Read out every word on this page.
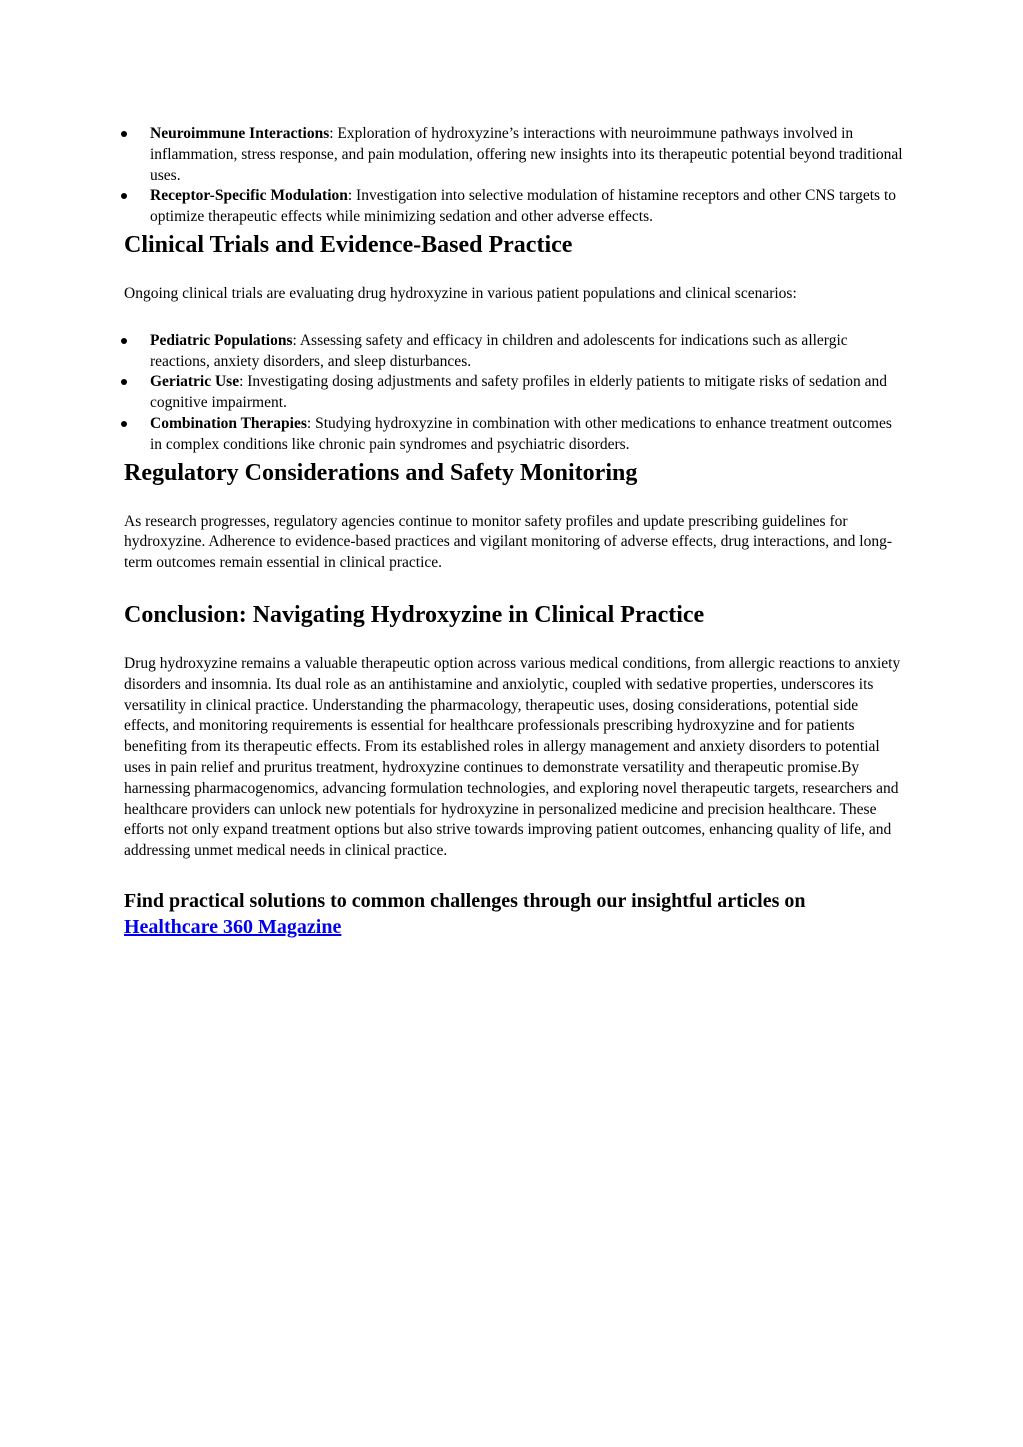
Neuroimmune Interactions: Exploration of hydroxyzine’s interactions with neuroimmune pathways involved in inflammation, stress response, and pain modulation, offering new insights into its therapeutic potential beyond traditional uses.
Receptor-Specific Modulation: Investigation into selective modulation of histamine receptors and other CNS targets to optimize therapeutic effects while minimizing sedation and other adverse effects.
Clinical Trials and Evidence-Based Practice

Ongoing clinical trials are evaluating drug hydroxyzine in various patient populations and clinical scenarios:

Pediatric Populations: Assessing safety and efficacy in children and adolescents for indications such as allergic reactions, anxiety disorders, and sleep disturbances.
Geriatric Use: Investigating dosing adjustments and safety profiles in elderly patients to mitigate risks of sedation and cognitive impairment.
Combination Therapies: Studying hydroxyzine in combination with other medications to enhance treatment outcomes in complex conditions like chronic pain syndromes and psychiatric disorders.
Regulatory Considerations and Safety Monitoring

As research progresses, regulatory agencies continue to monitor safety profiles and update prescribing guidelines for hydroxyzine. Adherence to evidence-based practices and vigilant monitoring of adverse effects, drug interactions, and long-term outcomes remain essential in clinical practice.

Conclusion: Navigating Hydroxyzine in Clinical Practice

Drug hydroxyzine remains a valuable therapeutic option across various medical conditions, from allergic reactions to anxiety disorders and insomnia. Its dual role as an antihistamine and anxiolytic, coupled with sedative properties, underscores its versatility in clinical practice. Understanding the pharmacology, therapeutic uses, dosing considerations, potential side effects, and monitoring requirements is essential for healthcare professionals prescribing hydroxyzine and for patients benefiting from its therapeutic effects. From its established roles in allergy management and anxiety disorders to potential uses in pain relief and pruritus treatment, hydroxyzine continues to demonstrate versatility and therapeutic promise.By harnessing pharmacogenomics, advancing formulation technologies, and exploring novel therapeutic targets, researchers and healthcare providers can unlock new potentials for hydroxyzine in personalized medicine and precision healthcare. These efforts not only expand treatment options but also strive towards improving patient outcomes, enhancing quality of life, and addressing unmet medical needs in clinical practice.

Find practical solutions to common challenges through our insightful articles on Healthcare 360 Magazine
